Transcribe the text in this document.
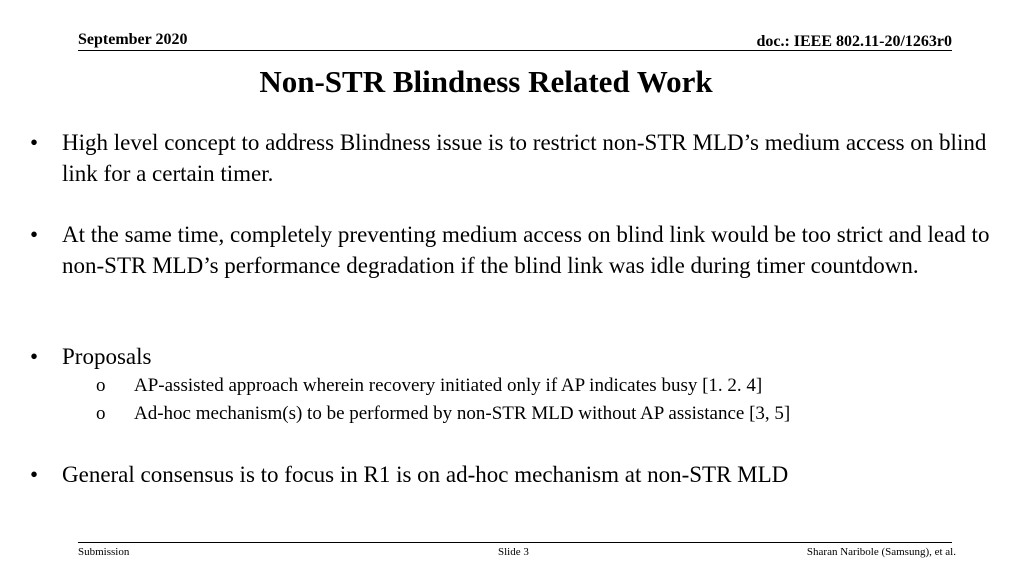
September 2020	doc.: IEEE 802.11-20/1263r0
Non-STR Blindness Related Work
•	High level concept to address Blindness issue is to restrict non-STR MLD’s medium access on blind link for a certain timer.
•	At the same time, completely preventing medium access on blind link would be too strict and lead to non-STR MLD’s performance degradation if the blind link was idle during timer countdown.
•	Proposals
o	AP-assisted approach wherein recovery initiated only if AP indicates busy [1. 2. 4]
o	Ad-hoc mechanism(s) to be performed by non-STR MLD without AP assistance [3, 5]
•	General consensus is to focus in R1 is on ad-hoc mechanism at non-STR MLD
Submission	Slide 3	Sharan Naribole (Samsung), et al.
